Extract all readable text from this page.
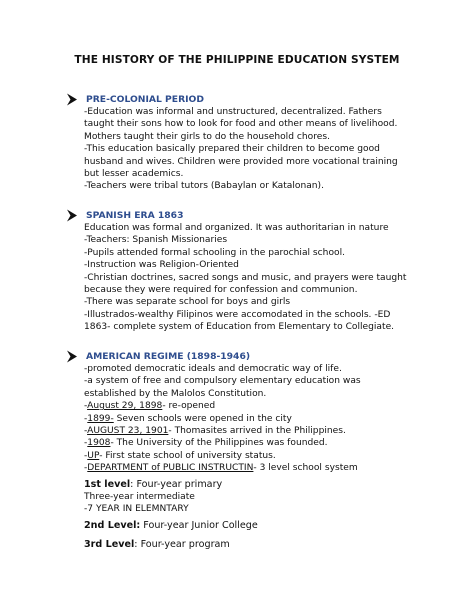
THE HISTORY OF THE PHILIPPINE EDUCATION SYSTEM
PRE-COLONIAL PERIOD
-Education was informal and unstructured, decentralized. Fathers
taught their sons how to look for food and other means of livelihood.
Mothers taught their girls to do the household chores.
-This education basically prepared their children to become good
husband and wives. Children were provided more vocational training
but lesser academics.
-Teachers were tribal tutors (Babaylan or Katalonan).
SPANISH ERA 1863
Education was formal and organized. It was authoritarian in nature
-Teachers: Spanish Missionaries
-Pupils attended formal schooling in the parochial school.
-Instruction was Religion-Oriented
-Christian doctrines, sacred songs and music, and prayers were taught
because they were required for confession and communion.
-There was separate school for boys and girls
-Illustrados-wealthy Filipinos were accomodated in the schools. -ED
1863- complete system of Education from Elementary to Collegiate.
AMERICAN REGIME (1898-1946)
-promoted democratic ideals and democratic way of life.
-a system of free and compulsory elementary education was
established by the Malolos Constitution.
-August 29, 1898- re-opened
-1899- Seven schools were opened in the city
-AUGUST 23, 1901- Thomasites arrived in the Philippines.
-1908- The University of the Philippines was founded.
-UP- First state school of university status.
-DEPARTMENT of PUBLIC INSTRUCTIN- 3 level school system
1st level: Four-year primary
Three-year intermediate
-7 YEAR IN ELEMNTARY
2nd Level: Four-year Junior College
3rd Level: Four-year program
